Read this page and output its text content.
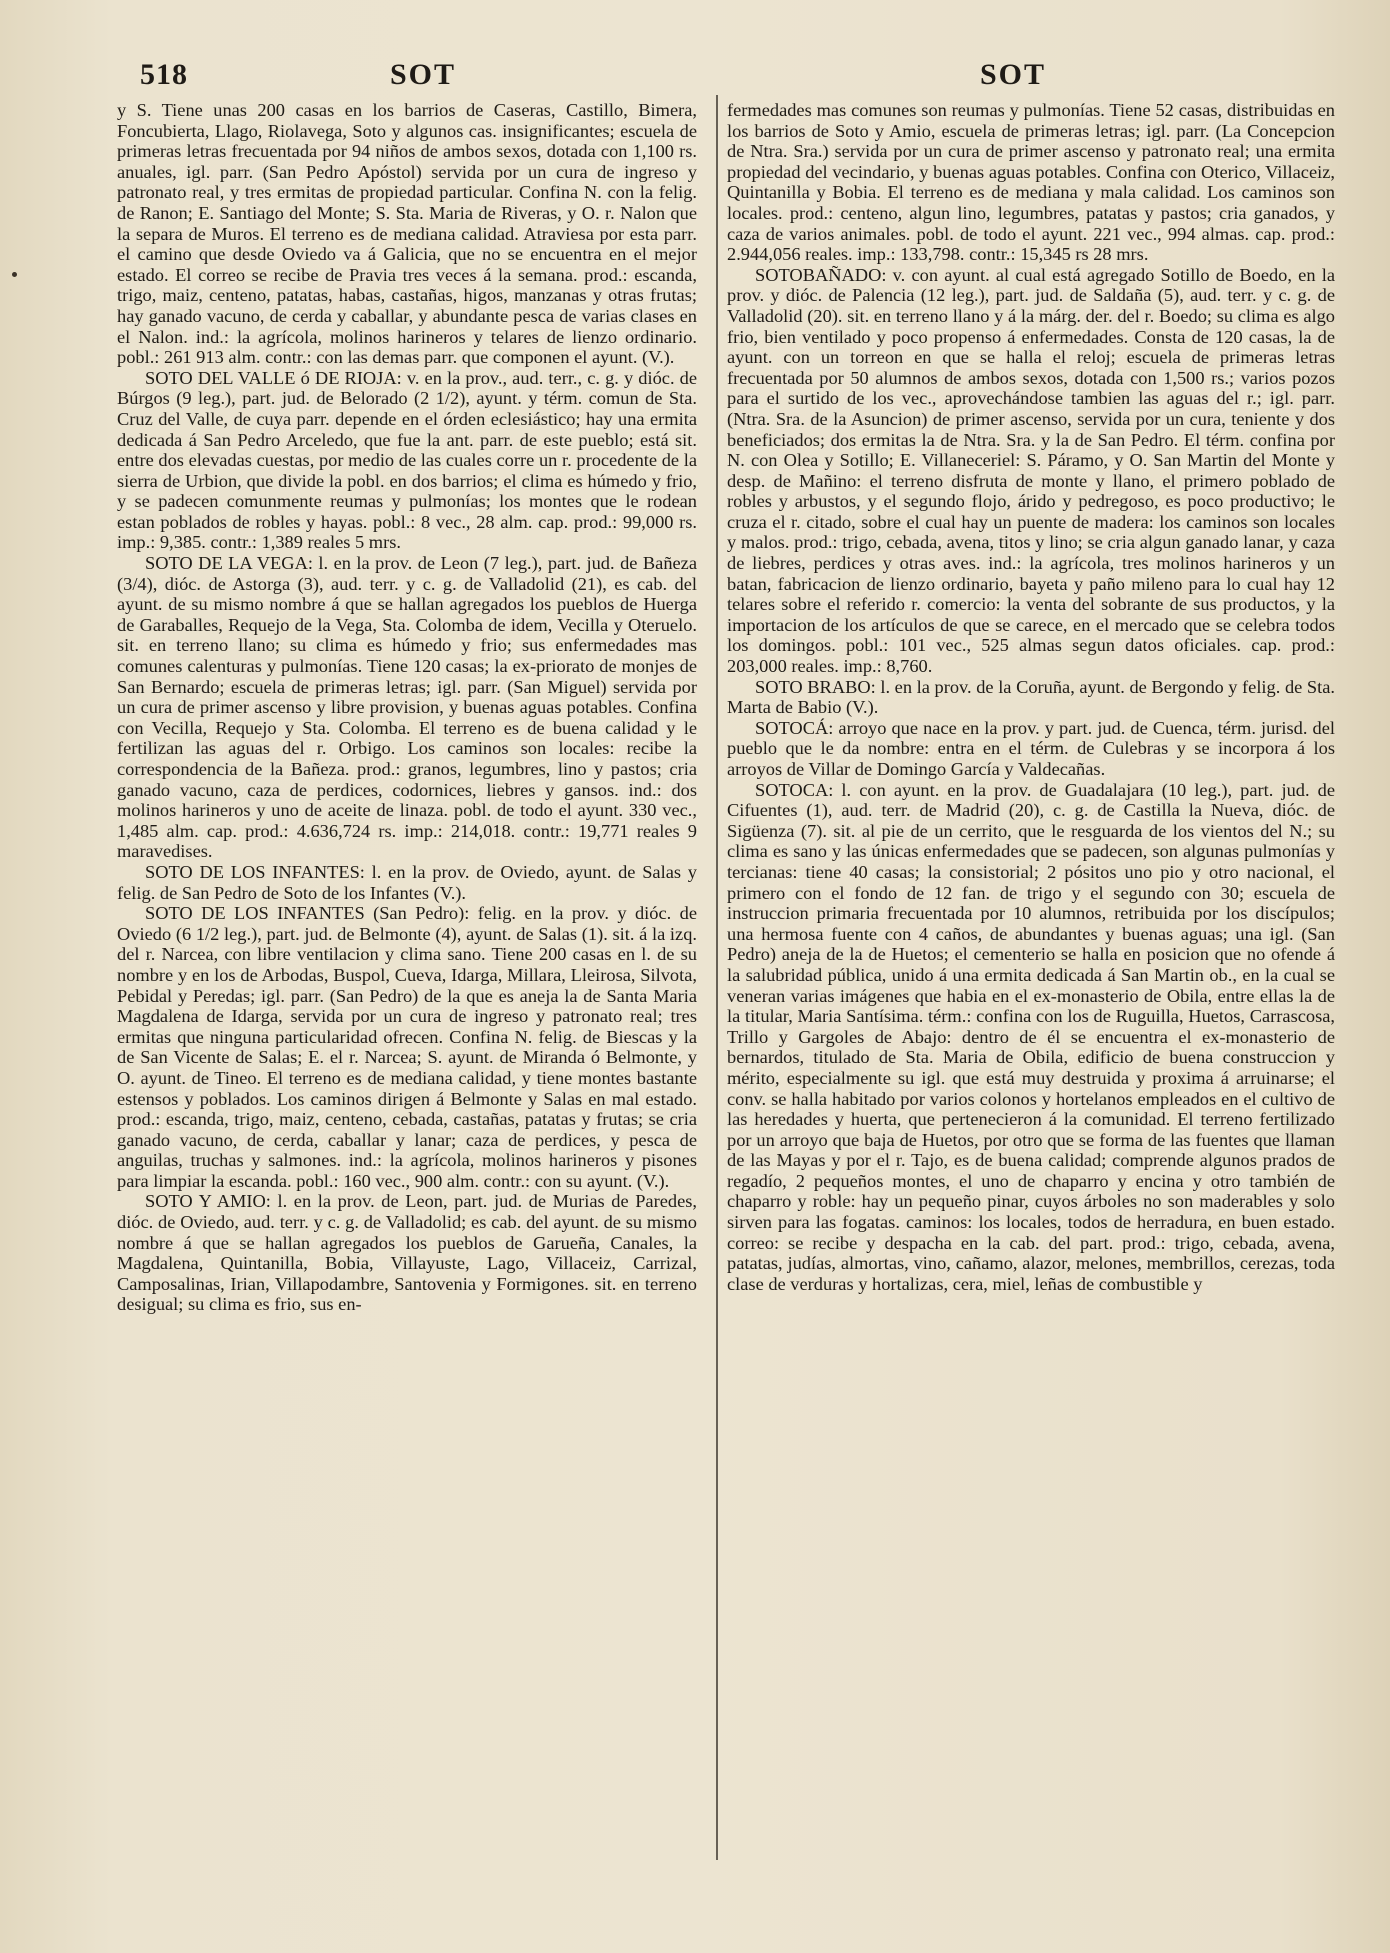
518	SOT	SOT

y S. Tiene unas 200 casas en los barrios de Caseras, Castillo, Bimera, Foncubierta, Llago, Riolavega, Soto y algunos cas. insignificantes; escuela de primeras letras frecuentada por 94 niños de ambos sexos, dotada con 1,100 rs. anuales, igl. parr. (San Pedro Apóstol) servida por un cura de ingreso y patronato real, y tres ermitas de propiedad particular. Confina N. con la felig. de Ranon; E. Santiago del Monte; S. Sta. Maria de Riveras, y O. r. Nalon que la separa de Muros. El terreno es de mediana calidad. Atraviesa por esta parr. el camino que desde Oviedo va á Galicia, que no se encuentra en el mejor estado. El correo se recibe de Pravia tres veces á la semana. prod.: escanda, trigo, maiz, centeno, patatas, habas, castañas, higos, manzanas y otras frutas; hay ganado vacuno, de cerda y caballar, y abundante pesca de varias clases en el Nalon. ind.: la agrícola, molinos harineros y telares de lienzo ordinario. pobl.: 261 913 alm. contr.: con las demas parr. que componen el ayunt. (V.).

SOTO DEL VALLE ó DE RIOJA: v. en la prov., aud. terr., c. g. y dióc. de Búrgos (9 leg.), part. jud. de Belorado (2 1/2), ayunt. y térm. comun de Sta. Cruz del Valle, de cuya parr. depende en el órden eclesiástico; hay una ermita dedicada á San Pedro Arceledo, que fue la ant. parr. de este pueblo; está sit. entre dos elevadas cuestas, por medio de las cuales corre un r. procedente de la sierra de Urbion, que divide la pobl. en dos barrios; el clima es húmedo y frio, y se padecen comunmente reumas y pulmonías; los montes que le rodean estan poblados de robles y hayas. pobl.: 8 vec., 28 alm. cap. prod.: 99,000 rs. imp.: 9,385. contr.: 1,389 reales 5 mrs.

SOTO DE LA VEGA: l. en la prov. de Leon (7 leg.), part. jud. de Bañeza (3/4), dióc. de Astorga (3), aud. terr. y c. g. de Valladolid (21), es cab. del ayunt. de su mismo nombre á que se hallan agregados los pueblos de Huerga de Garaballes, Requejo de la Vega, Sta. Colomba de idem, Vecilla y Oteruelo. sit. en terreno llano; su clima es húmedo y frio; sus enfermedades mas comunes calenturas y pulmonías. Tiene 120 casas; la ex-priorato de monjes de San Bernardo; escuela de primeras letras; igl. parr. (San Miguel) servida por un cura de primer ascenso y libre provision, y buenas aguas potables. Confina con Vecilla, Requejo y Sta. Colomba. El terreno es de buena calidad y le fertilizan las aguas del r. Orbigo. Los caminos son locales: recibe la correspondencia de la Bañeza. prod.: granos, legumbres, lino y pastos; cria ganado vacuno, caza de perdices, codornices, liebres y gansos. ind.: dos molinos harineros y uno de aceite de linaza. pobl. de todo el ayunt. 330 vec., 1,485 alm. cap. prod.: 4.636,724 rs. imp.: 214,018. contr.: 19,771 reales 9 maravedises.

SOTO DE LOS INFANTES: l. en la prov. de Oviedo, ayunt. de Salas y felig. de San Pedro de Soto de los Infantes (V.).

SOTO DE LOS INFANTES (San Pedro): felig. en la prov. y dióc. de Oviedo (6 1/2 leg.), part. jud. de Belmonte (4), ayunt. de Salas (1). sit. á la izq. del r. Narcea, con libre ventilacion y clima sano. Tiene 200 casas en l. de su nombre y en los de Arbodas, Buspol, Cueva, Idarga, Millara, Lleirosa, Silvota, Pebidal y Peredas; igl. parr. (San Pedro) de la que es aneja la de Santa Maria Magdalena de Idarga, servida por un cura de ingreso y patronato real; tres ermitas que ninguna particularidad ofrecen. Confina N. felig. de Biescas y la de San Vicente de Salas; E. el r. Narcea; S. ayunt. de Miranda ó Belmonte, y O. ayunt. de Tineo. El terreno es de mediana calidad, y tiene montes bastante estensos y poblados. Los caminos dirigen á Belmonte y Salas en mal estado. prod.: escanda, trigo, maiz, centeno, cebada, castañas, patatas y frutas; se cria ganado vacuno, de cerda, caballar y lanar; caza de perdices, y pesca de anguilas, truchas y salmones. ind.: la agrícola, molinos harineros y pisones para limpiar la escanda. pobl.: 160 vec., 900 alm. contr.: con su ayunt. (V.).

SOTO Y AMIO: l. en la prov. de Leon, part. jud. de Murias de Paredes, dióc. de Oviedo, aud. terr. y c. g. de Valladolid; es cab. del ayunt. de su mismo nombre á que se hallan agregados los pueblos de Garueña, Canales, la Magdalena, Quintanilla, Bobia, Villayuste, Lago, Villaceiz, Carrizal, Camposalinas, Irian, Villapodambre, Santovenia y Formigones. sit. en terreno desigual; su clima es frio, sus en-

fermedades mas comunes son reumas y pulmonías. Tiene 52 casas, distribuidas en los barrios de Soto y Amio, escuela de primeras letras; igl. parr. (La Concepcion de Ntra. Sra.) servida por un cura de primer ascenso y patronato real; una ermita propiedad del vecindario, y buenas aguas potables. Confina con Oterico, Villaceiz, Quintanilla y Bobia. El terreno es de mediana y mala calidad. Los caminos son locales. prod.: centeno, algun lino, legumbres, patatas y pastos; cria ganados, y caza de varios animales. pobl. de todo el ayunt. 221 vec., 994 almas. cap. prod.: 2.944,056 reales. imp.: 133,798. contr.: 15,345 rs 28 mrs.

SOTOBAÑADO: v. con ayunt. al cual está agregado Sotillo de Boedo, en la prov. y dióc. de Palencia (12 leg.), part. jud. de Saldaña (5), aud. terr. y c. g. de Valladolid (20). sit. en terreno llano y á la márg. der. del r. Boedo; su clima es algo frio, bien ventilado y poco propenso á enfermedades. Consta de 120 casas, la de ayunt. con un torreon en que se halla el reloj; escuela de primeras letras frecuentada por 50 alumnos de ambos sexos, dotada con 1,500 rs.; varios pozos para el surtido de los vec., aprovechándose tambien las aguas del r.; igl. parr. (Ntra. Sra. de la Asuncion) de primer ascenso, servida por un cura, teniente y dos beneficiados; dos ermitas la de Ntra. Sra. y la de San Pedro. El térm. confina por N. con Olea y Sotillo; E. Villaneceriel: S. Páramo, y O. San Martin del Monte y desp. de Mañino: el terreno disfruta de monte y llano, el primero poblado de robles y arbustos, y el segundo flojo, árido y pedregoso, es poco productivo; le cruza el r. citado, sobre el cual hay un puente de madera: los caminos son locales y malos. prod.: trigo, cebada, avena, titos y lino; se cria algun ganado lanar, y caza de liebres, perdices y otras aves. ind.: la agrícola, tres molinos harineros y un batan, fabricacion de lienzo ordinario, bayeta y paño mileno para lo cual hay 12 telares sobre el referido r. comercio: la venta del sobrante de sus productos, y la importacion de los artículos de que se carece, en el mercado que se celebra todos los domingos. pobl.: 101 vec., 525 almas segun datos oficiales. cap. prod.: 203,000 reales. imp.: 8,760.

SOTO BRABO: l. en la prov. de la Coruña, ayunt. de Bergondo y felig. de Sta. Marta de Babio (V.).

SOTOCÁ: arroyo que nace en la prov. y part. jud. de Cuenca, térm. jurisd. del pueblo que le da nombre: entra en el térm. de Culebras y se incorpora á los arroyos de Villar de Domingo García y Valdecañas.

SOTOCA: l. con ayunt. en la prov. de Guadalajara (10 leg.), part. jud. de Cifuentes (1), aud. terr. de Madrid (20), c. g. de Castilla la Nueva, dióc. de Sigüenza (7). sit. al pie de un cerrito, que le resguarda de los vientos del N.; su clima es sano y las únicas enfermedades que se padecen, son algunas pulmonías y tercianas: tiene 40 casas; la consistorial; 2 pósitos uno pio y otro nacional, el primero con el fondo de 12 fan. de trigo y el segundo con 30; escuela de instruccion primaria frecuentada por 10 alumnos, retribuida por los discípulos; una hermosa fuente con 4 caños, de abundantes y buenas aguas; una igl. (San Pedro) aneja de la de Huetos; el cementerio se halla en posicion que no ofende á la salubridad pública, unido á una ermita dedicada á San Martin ob., en la cual se veneran varias imágenes que habia en el ex-monasterio de Obila, entre ellas la de la titular, Maria Santísima. térm.: confina con los de Ruguilla, Huetos, Carrascosa, Trillo y Gargoles de Abajo: dentro de él se encuentra el ex-monasterio de bernardos, titulado de Sta. Maria de Obila, edificio de buena construccion y mérito, especialmente su igl. que está muy destruida y proxima á arruinarse; el conv. se halla habitado por varios colonos y hortelanos empleados en el cultivo de las heredades y huerta, que pertenecieron á la comunidad. El terreno fertilizado por un arroyo que baja de Huetos, por otro que se forma de las fuentes que llaman de las Mayas y por el r. Tajo, es de buena calidad; comprende algunos prados de regadío, 2 pequeños montes, el uno de chaparro y encina y otro también de chaparro y roble: hay un pequeño pinar, cuyos árboles no son maderables y solo sirven para las fogatas. caminos: los locales, todos de herradura, en buen estado. correo: se recibe y despacha en la cab. del part. prod.: trigo, cebada, avena, patatas, judías, almortas, vino, cañamo, alazor, melones, membrillos, cerezas, toda clase de verduras y hortalizas, cera, miel, leñas de combustible y
